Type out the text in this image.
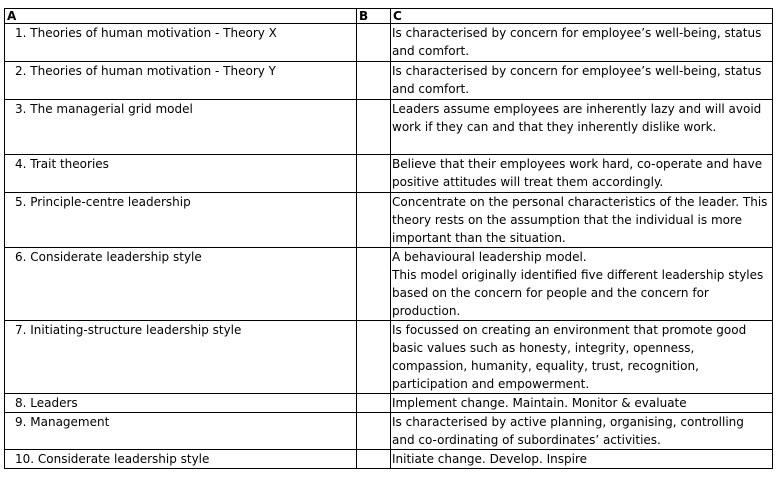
A	B	C
1. Theories of human motivation - Theory X		Is characterised by concern for employee’s well-being, status and comfort.

2. Theories of human motivation - Theory Y		Is characterised by concern for employee’s well-being, status and comfort.

3. The managerial grid model		Leaders assume employees are inherently lazy and will avoid work if they can and that they inherently dislike work.

4. Trait theories		Believe that their employees work hard, co-operate and have positive attitudes will treat them accordingly.

5. Principle-centre leadership		Concentrate on the personal characteristics of the leader. This theory rests on the assumption that the individual is more important than the situation.

6. Considerate leadership style		A behavioural leadership model.

This model originally identified five different leadership styles based on the concern for people and the concern for production.

7. Initiating-structure leadership style		Is focussed on creating an environment that promote good basic values such as honesty, integrity, openness, compassion, humanity, equality, trust, recognition, participation and empowerment.

8. Leaders		Implement change. Maintain. Monitor & evaluate

9. Management		Is characterised by active planning, organising, controlling and co-ordinating of subordinates’ activities.

10. Considerate leadership style		Initiate change. Develop. Inspire
